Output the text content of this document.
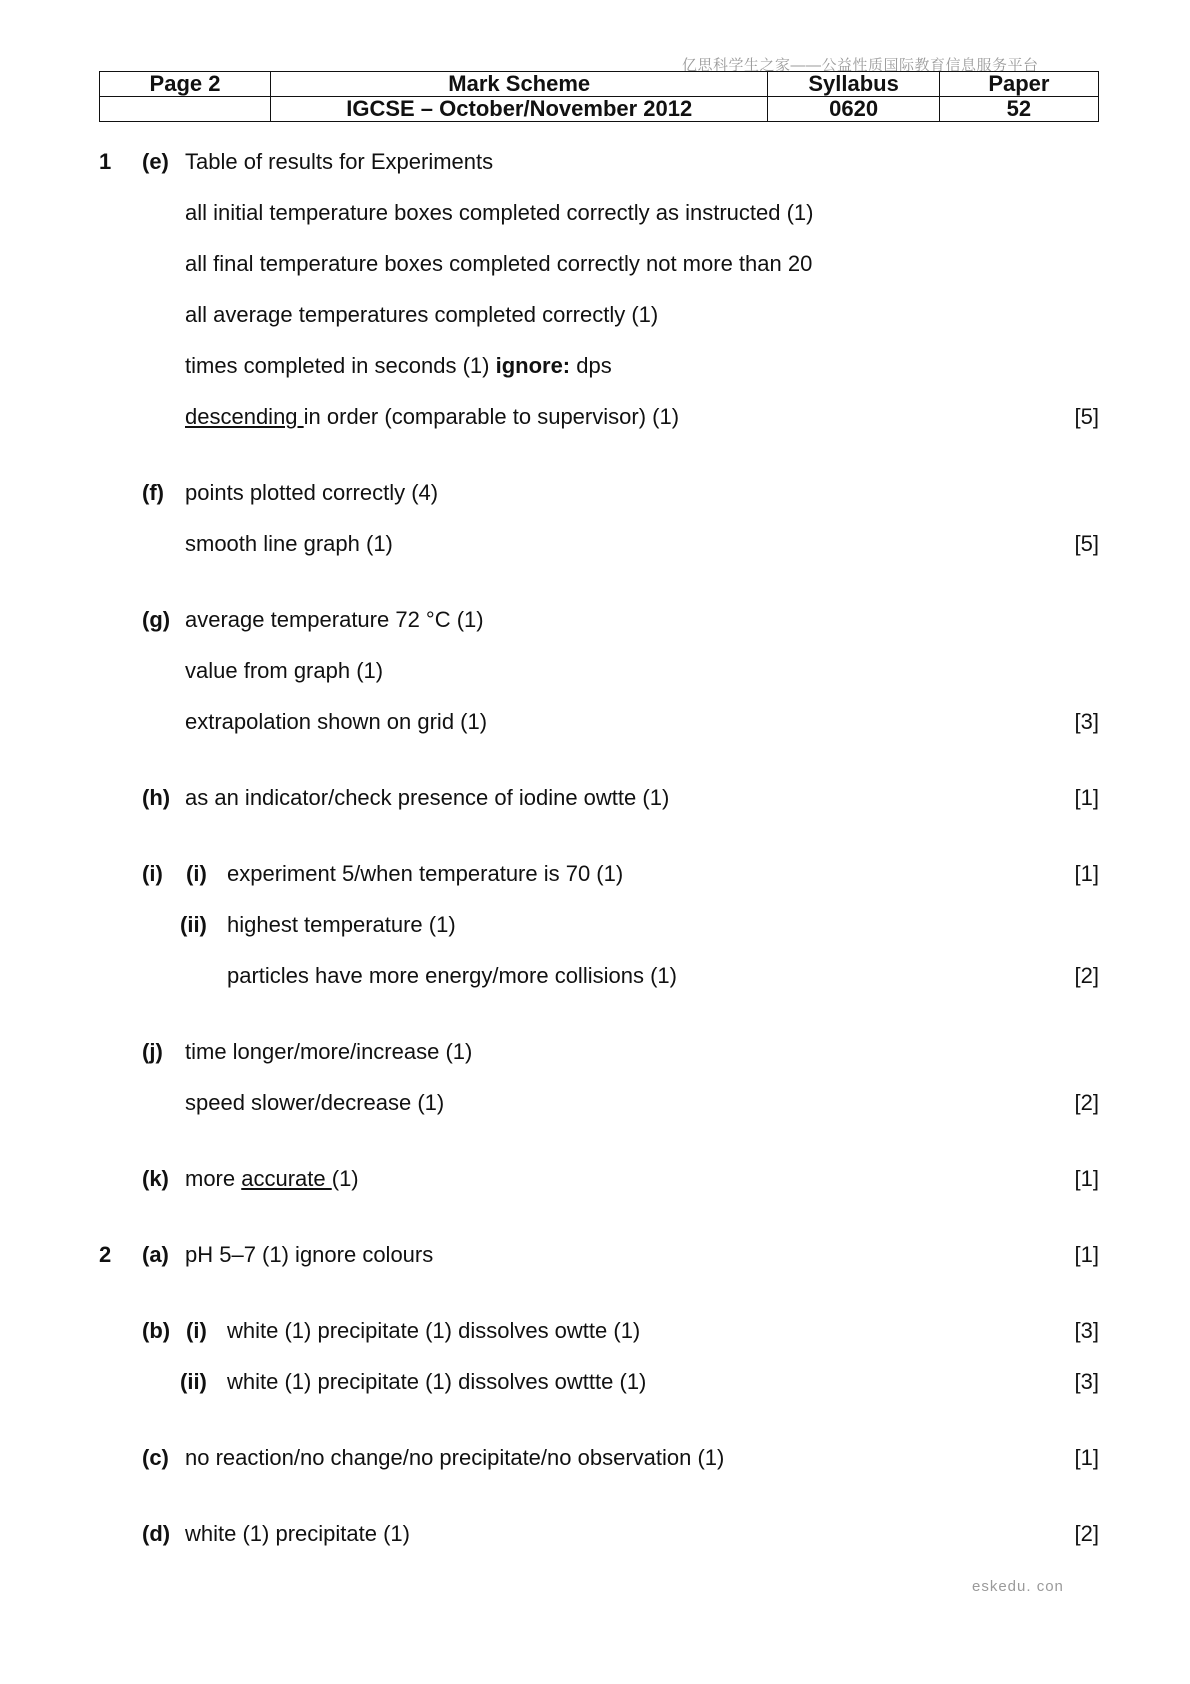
亿思科学生之家——公益性质国际教育信息服务平台
Page 2	Mark Scheme	Syllabus	Paper
	IGCSE – October/November 2012	0620	52
1 (e) Table of results for Experiments
all initial temperature boxes completed correctly as instructed (1)
all final temperature boxes completed correctly not more than 20
all average temperatures completed correctly (1)
times completed in seconds (1) ignore: dps
descending in order (comparable to supervisor) (1)	[5]
(f) points plotted correctly (4)
smooth line graph (1)	[5]
(g) average temperature 72 °C (1)
value from graph (1)
extrapolation shown on grid (1)	[3]
(h) as an indicator/check presence of iodine owtte (1)	[1]
(i) (i) experiment 5/when temperature is 70 (1)	[1]
(ii) highest temperature (1)
particles have more energy/more collisions (1)	[2]
(j) time longer/more/increase (1)
speed slower/decrease (1)	[2]
(k) more accurate (1)	[1]
2 (a) pH 5–7 (1) ignore colours	[1]
(b) (i) white (1) precipitate (1) dissolves owtte (1)	[3]
(ii) white (1) precipitate (1) dissolves owttte (1)	[3]
(c) no reaction/no change/no precipitate/no observation (1)	[1]
(d) white (1) precipitate (1)	[2]
eskedu. con
